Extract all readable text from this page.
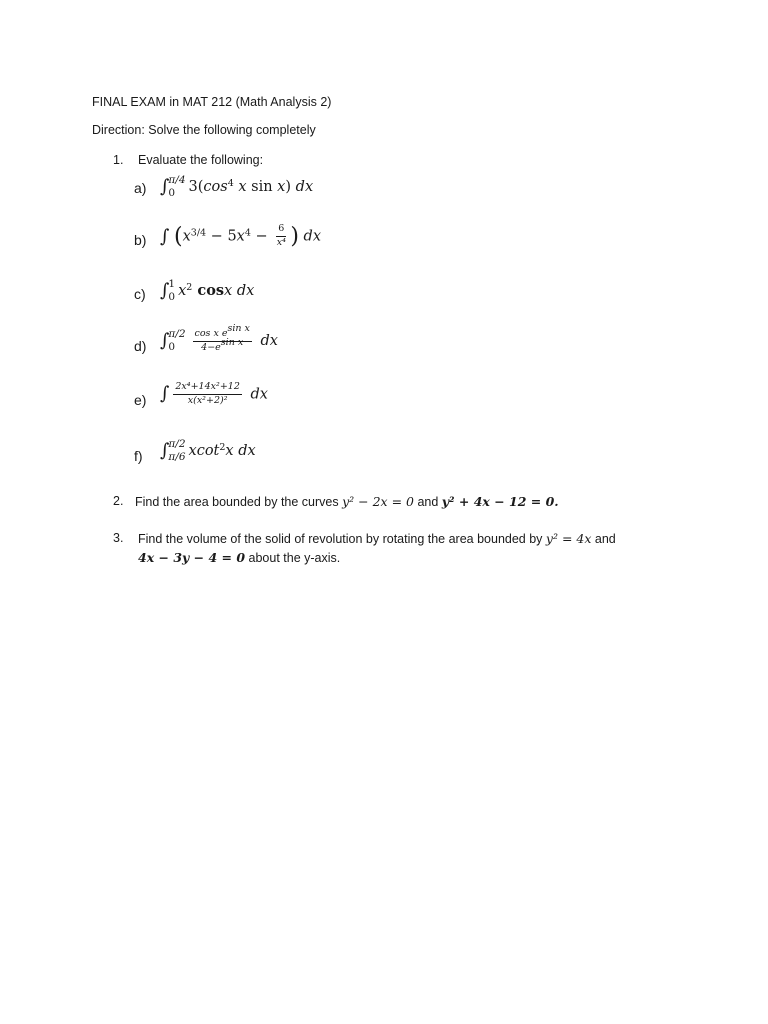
FINAL EXAM in MAT 212 (Math Analysis 2)
Direction: Solve the following completely
1. Evaluate the following:
a) ∫ π/4
0 $3(\cos^4$ x sin x) dx
b) ∫ ($x^{3/4} - 5x^4 - \frac{6}{\text{x⁴}}$ ) dx
c) ∫ 1
0 $x^2$ cosx dx
d) ∫ π/2
0	$\frac{\cos x e^{sin x}}{4-e^{sin x}}$ dx
e) ∫ $\frac{\text{2x⁴+14x²+12}}{\text{x(x²+2)²}}$ dx
f) ∫ π/2
π/6 xcot$^2$x dx
2. Find the area bounded by the curves y² − 2x = 0 and y² + 4x − 12 = 0.
3. Find the volume of the solid of revolution by rotating the area bounded by y² = 4x and
4x − 3y − 4 = 0 about the y-axis.
